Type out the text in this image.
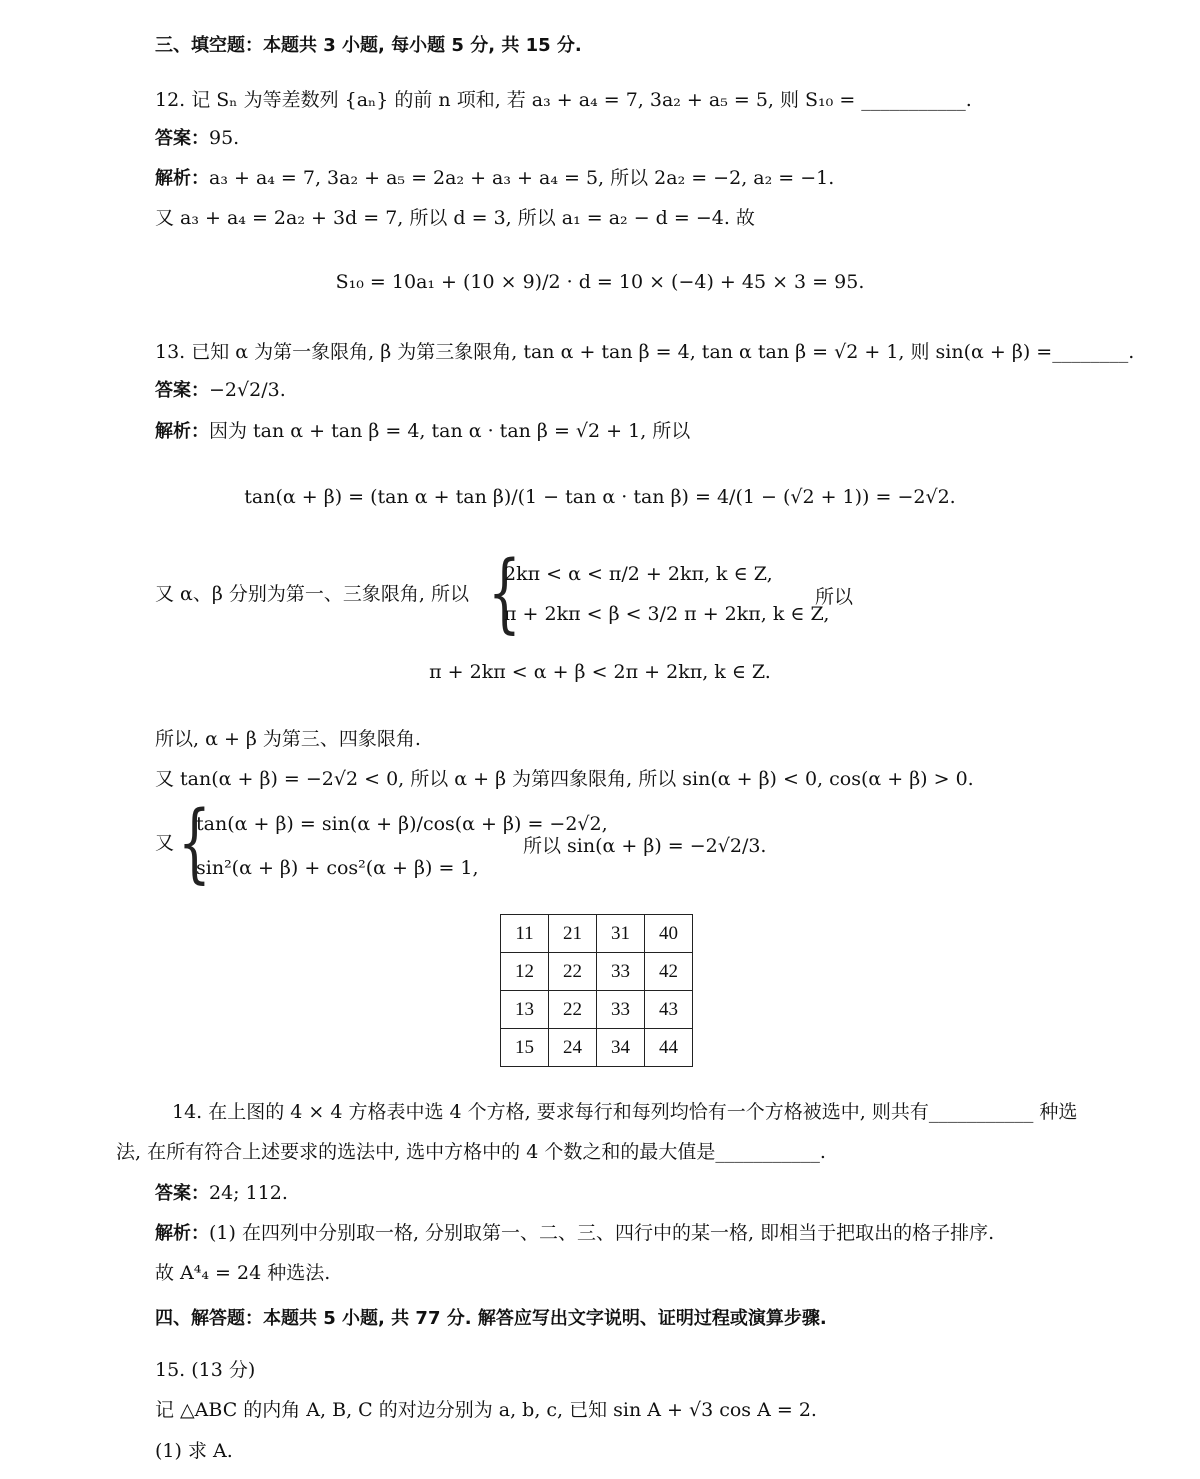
三、填空题：本题共 3 小题, 每小题 5 分, 共 15 分.
12. 记 Sₙ 为等差数列 {aₙ} 的前 n 项和, 若 a₃ + a₄ = 7, 3a₂ + a₅ = 5, 则 S₁₀ = ___________.
答案：95.
解析：a₃ + a₄ = 7, 3a₂ + a₅ = 2a₂ + a₃ + a₄ = 5, 所以 2a₂ = −2, a₂ = −1.
又 a₃ + a₄ = 2a₂ + 3d = 7, 所以 d = 3, 所以 a₁ = a₂ − d = −4. 故
S₁₀ = 10a₁ + (10 × 9)/2 · d = 10 × (−4) + 45 × 3 = 95.
13. 已知 α 为第一象限角, β 为第三象限角, tan α + tan β = 4, tan α tan β = √2 + 1, 则 sin(α + β) =________.
答案：−2√2/3.
解析：因为 tan α + tan β = 4, tan α · tan β = √2 + 1, 所以
tan(α + β) = (tan α + tan β)/(1 − tan α · tan β) = 4/(1 − (√2 + 1)) = −2√2.
又 α、β 分别为第一、三象限角, 所以 {
2kπ < α < π/2 + 2kπ, k ∈ Z,
π + 2kπ < β < 3/2 π + 2kπ, k ∈ Z,
所以
π + 2kπ < α + β < 2π + 2kπ, k ∈ Z.
所以, α + β 为第三、四象限角.
又 tan(α + β) = −2√2 < 0, 所以 α + β 为第四象限角, 所以 sin(α + β) < 0, cos(α + β) > 0.
又 {
tan(α + β) = sin(α + β)/cos(α + β) = −2√2,
sin²(α + β) + cos²(α + β) = 1,
所以 sin(α + β) = −2√2/3.
11	21	31	40
12	22	33	42
13	22	33	43
15	24	34	44
14. 在上图的 4 × 4 方格表中选 4 个方格, 要求每行和每列均恰有一个方格被选中, 则共有___________ 种选
法, 在所有符合上述要求的选法中, 选中方格中的 4 个数之和的最大值是___________.
答案：24; 112.
解析：(1) 在四列中分别取一格, 分别取第一、二、三、四行中的某一格, 即相当于把取出的格子排序.
故 A⁴₄ = 24 种选法.
四、解答题：本题共 5 小题, 共 77 分. 解答应写出文字说明、证明过程或演算步骤.
15. (13 分)
记 △ABC 的内角 A, B, C 的对边分别为 a, b, c, 已知 sin A + √3 cos A = 2.
(1) 求 A.
